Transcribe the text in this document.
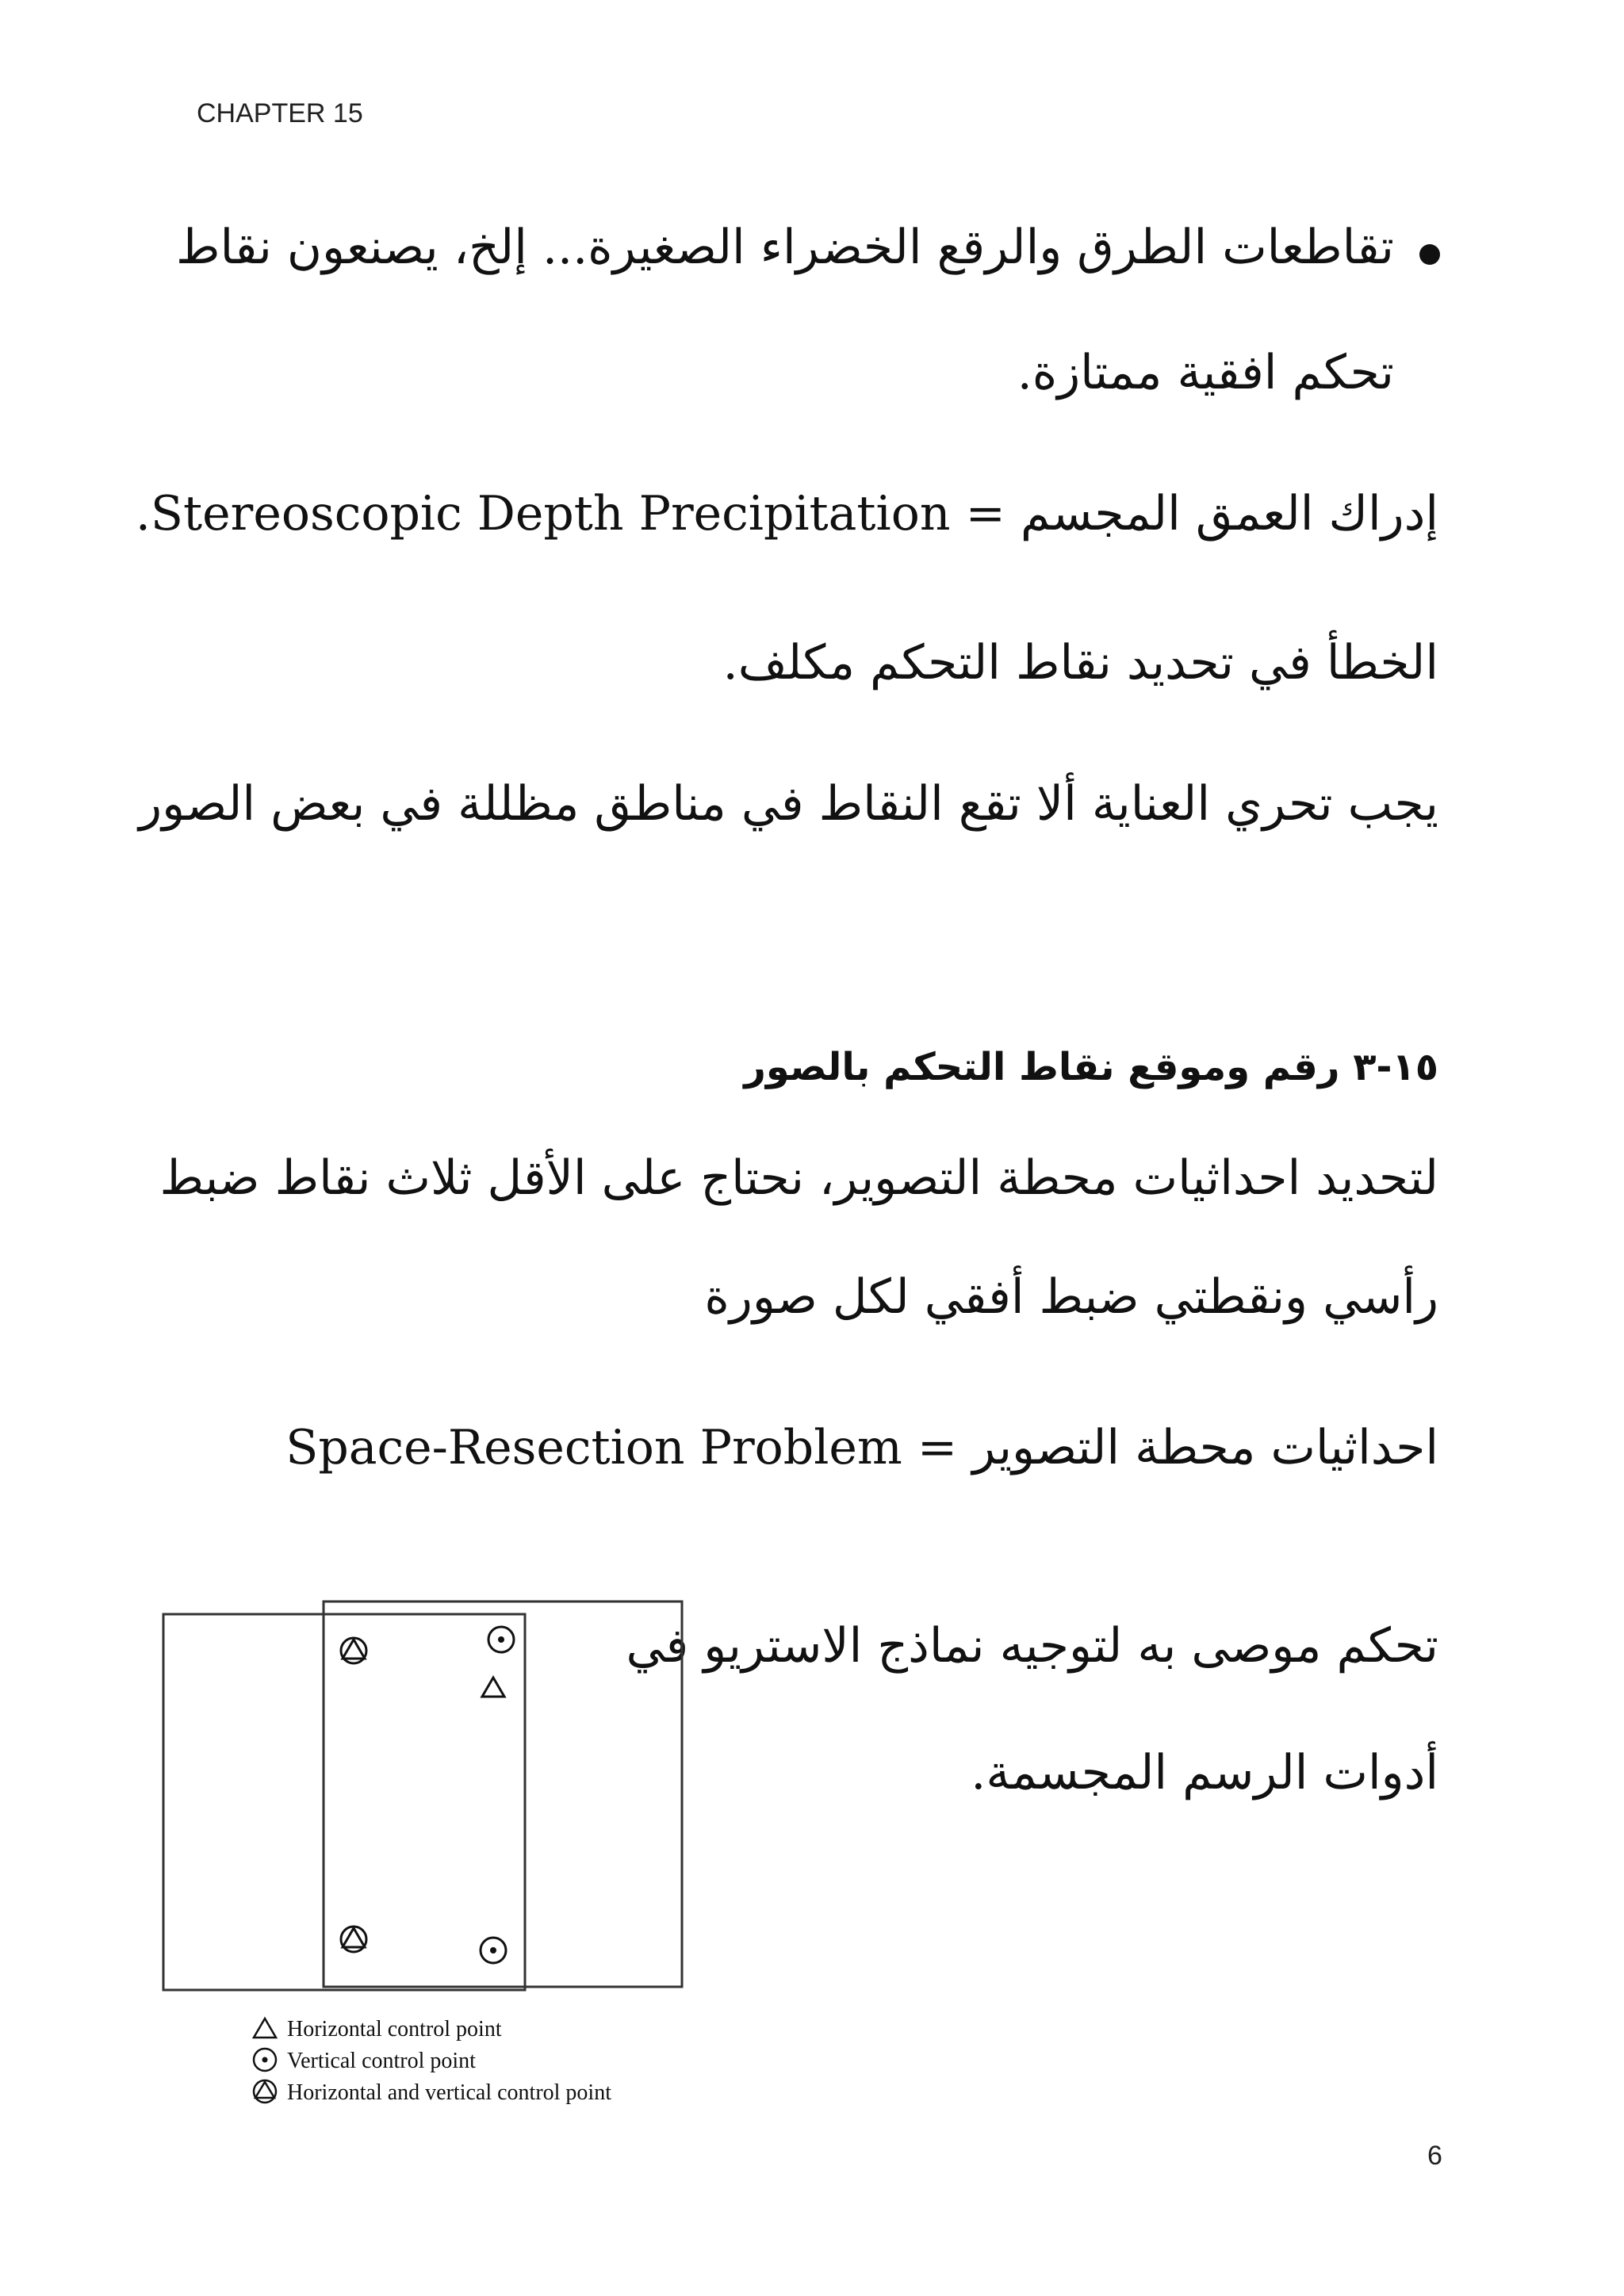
CHAPTER 15
تقاطعات الطرق والرقع الخضراء الصغيرة... إلخ، يصنعون نقاط
تحكم افقية ممتازة.
إدراك العمق المجسم = Stereoscopic Depth Precipitation.
الخطأ في تحديد نقاط التحكم مكلف.
يجب تحري العناية ألا تقع النقاط في مناطق مظللة في بعض الصور
١٥-٣ رقم وموقع نقاط التحكم بالصور
لتحديد احداثيات محطة التصوير، نحتاج على الأقل ثلاث نقاط ضبط
رأسي ونقطتي ضبط أفقي لكل صورة
احداثيات محطة التصوير = Space-Resection Problem
تحكم موصى به لتوجيه نماذج الاستريو في
أدوات الرسم المجسمة.
Horizontal control point
Vertical control point
Horizontal and vertical control point
6
